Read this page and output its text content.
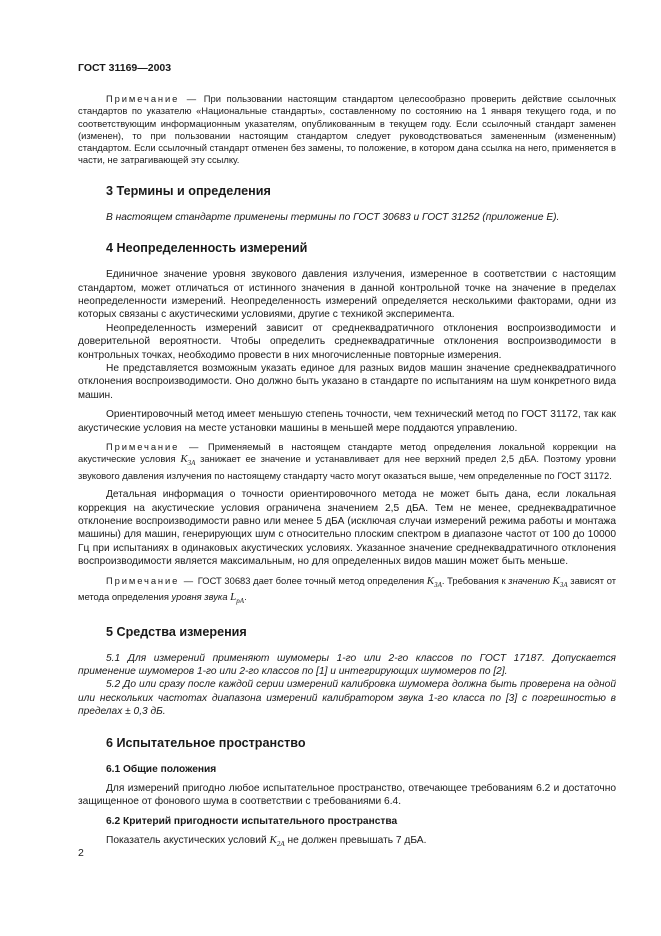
ГОСТ 31169—2003

Примечание — При пользовании настоящим стандартом целесообразно проверить действие ссылочных стандартов по указателю «Национальные стандарты», составленному по состоянию на 1 января текущего года, и по соответствующим информационным указателям, опубликованным в текущем году. Если ссылочный стандарт заменен (изменен), то при пользовании настоящим стандартом следует руководствоваться замененным (измененным) стандартом. Если ссылочный стандарт отменен без замены, то положение, в котором дана ссылка на него, применяется в части, не затрагивающей эту ссылку.

3 Термины и определения

В настоящем стандарте применены термины по ГОСТ 30683 и ГОСТ 31252 (приложение Е).

4 Неопределенность измерений

Единичное значение уровня звукового давления излучения, измеренное в соответствии с настоящим стандартом, может отличаться от истинного значения в данной контрольной точке на значение в пределах неопределенности измерений. Неопределенность измерений определяется несколькими факторами, одни из которых связаны с акустическими условиями, другие с техникой эксперимента.

Неопределенность измерений зависит от среднеквадратичного отклонения воспроизводимости и доверительной вероятности. Чтобы определить среднеквадратичные отклонения воспроизводимости в контрольных точках, необходимо провести в них многочисленные повторные измерения.

Не представляется возможным указать единое для разных видов машин значение среднеквадратичного отклонения воспроизводимости. Оно должно быть указано в стандарте по испытаниям на шум конкретного вида машин.

Ориентировочный метод имеет меньшую степень точности, чем технический метод по ГОСТ 31172, так как акустические условия на месте установки машины в меньшей мере поддаются управлению.

Примечание — Применяемый в настоящем стандарте метод определения локальной коррекции на акустические условия $K_{3A}$ занижает ее значение и устанавливает для нее верхний предел 2,5 дБА. Поэтому уровни звукового давления излучения по настоящему стандарту часто могут оказаться выше, чем определенные по ГОСТ 31172.

Детальная информация о точности ориентировочного метода не может быть дана, если локальная коррекция на акустические условия ограничена значением 2,5 дБА. Тем не менее, среднеквадратичное отклонение воспроизводимости равно или менее 5 дБА (исключая случаи измерений режима работы и монтажа машины) для машин, генерирующих шум с относительно плоским спектром в диапазоне частот от 100 до 10000 Гц при испытаниях в одинаковых акустических условиях. Указанное значение среднеквадратичного отклонения воспроизводимости является максимальным, но для определенных видов машин может быть меньше.

Примечание — ГОСТ 30683 дает более точный метод определения $K_{3A}$. Требования к значению $K_{3A}$ зависят от метода определения уровня звука $L_{pA}$.

5 Средства измерения

5.1 Для измерений применяют шумомеры 1-го или 2-го классов по ГОСТ 17187. Допускается применение шумомеров 1-го или 2-го классов по [1] и интегрирующих шумомеров по [2].

5.2 До или сразу после каждой серии измерений калибровка шумомера должна быть проверена на одной или нескольких частотах диапазона измерений калибратором звука 1-го класса по [3] с погрешностью в пределах ± 0,3 дБ.

6 Испытательное пространство
6.1 Общие положения

Для измерений пригодно любое испытательное пространство, отвечающее требованиям 6.2 и достаточно защищенное от фонового шума в соответствии с требованиями 6.4.

6.2 Критерий пригодности испытательного пространства

Показатель акустических условий $K_{2A}$ не должен превышать 7 дБА.

2
